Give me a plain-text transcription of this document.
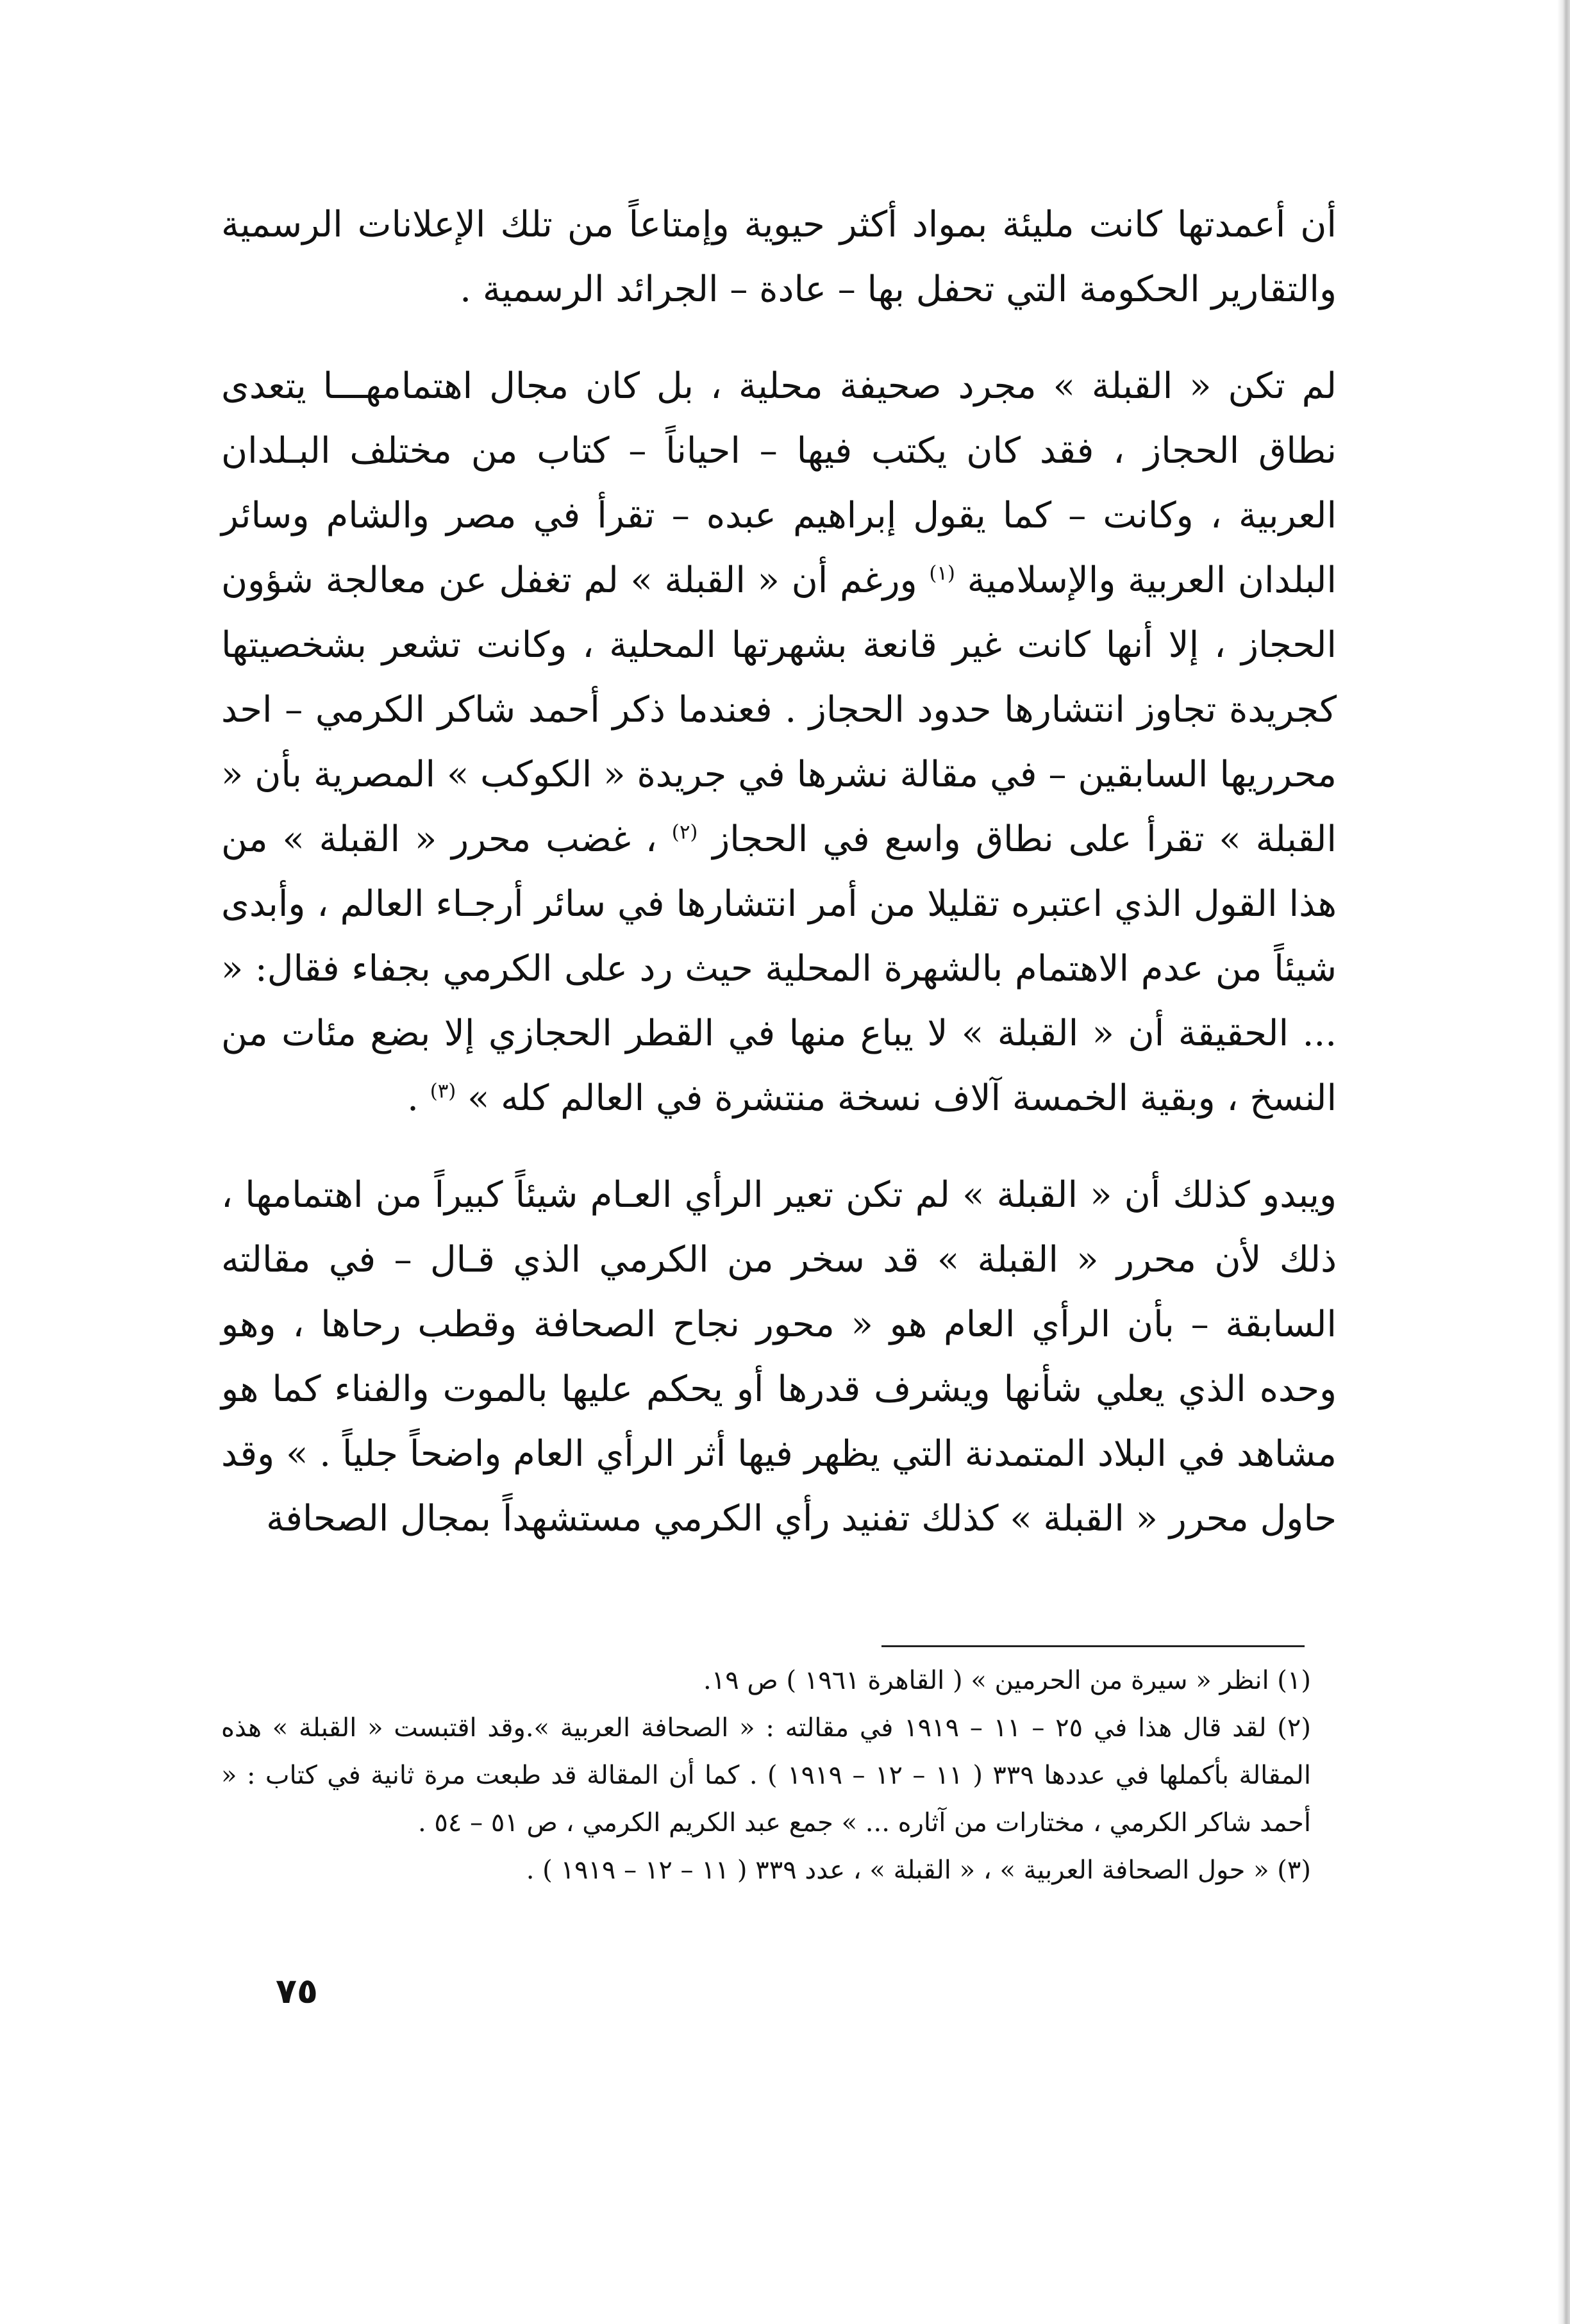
أن أعمدتها كانت مليئة بمواد أكثر حيوية وإمتاعاً من تلك الإعلانات الرسمية والتقارير الحكومة التي تحفل بها – عادة – الجرائد الرسمية .

لم تكن « القبلة » مجرد صحيفة محلية ، بل كان مجال اهتمامهـــا يتعدى نطاق الحجاز ، فقد كان يكتب فيها – احياناً – كتاب من مختلف البـلدان العربية ، وكانت – كما يقول إبراهيم عبده – تقرأ في مصر والشام وسائر البلدان العربية والإسلامية $^{(١)}$ ورغم أن « القبلة » لم تغفل عن معالجة شؤون الحجاز ، إلا أنها كانت غير قانعة بشهرتها المحلية ، وكانت تشعر بشخصيتها كجريدة تجاوز انتشارها حدود الحجاز . فعندما ذكر أحمد شاكر الكرمي – احد محرريها السابقين – في مقالة نشرها في جريدة « الكوكب » المصرية بأن « القبلة » تقرأ على نطاق واسع في الحجاز $^{(٢)}$ ، غضب محرر « القبلة » من هذا القول الذي اعتبره تقليلا من أمر انتشارها في سائر أرجـاء العالم ، وأبدى شيئاً من عدم الاهتمام بالشهرة المحلية حيث رد على الكرمي بجفاء فقال: « ... الحقيقة أن « القبلة » لا يباع منها في القطر الحجازي إلا بضع مئات من النسخ ، وبقية الخمسة آلاف نسخة منتشرة في العالم كله » $^{(٣)}$ .

ويبدو كذلك أن « القبلة » لم تكن تعير الرأي العـام شيئاً كبيراً من اهتمامها ، ذلك لأن محرر « القبلة » قد سخر من الكرمي الذي قـال – في مقالته السابقة – بأن الرأي العام هو « محور نجاح الصحافة وقطب رحاها ، وهو وحده الذي يعلي شأنها ويشرف قدرها أو يحكم عليها بالموت والفناء كما هو مشاهد في البلاد المتمدنة التي يظهر فيها أثر الرأي العام واضحاً جلياً . » وقد حاول محرر « القبلة » كذلك تفنيد رأي الكرمي مستشهداً بمجال الصحافة

(١) انظر « سيرة من الحرمين » ( القاهرة ١٩٦١ ) ص ١٩.

(٢) لقد قال هذا في ٢٥ – ١١ – ١٩١٩ في مقالته : « الصحافة العربية ».وقد اقتبست « القبلة » هذه المقالة بأكملها في عددها ٣٣٩ ( ١١ – ١٢ – ١٩١٩ ) . كما أن المقالة قد طبعت مرة ثانية في كتاب : « أحمد شاكر الكرمي ، مختارات من آثاره ... » جمع عبد الكريم الكرمي ، ص ٥١ – ٥٤ .

(٣) « حول الصحافة العربية » ، « القبلة » ، عدد ٣٣٩ ( ١١ – ١٢ – ١٩١٩ ) .

٧٥
